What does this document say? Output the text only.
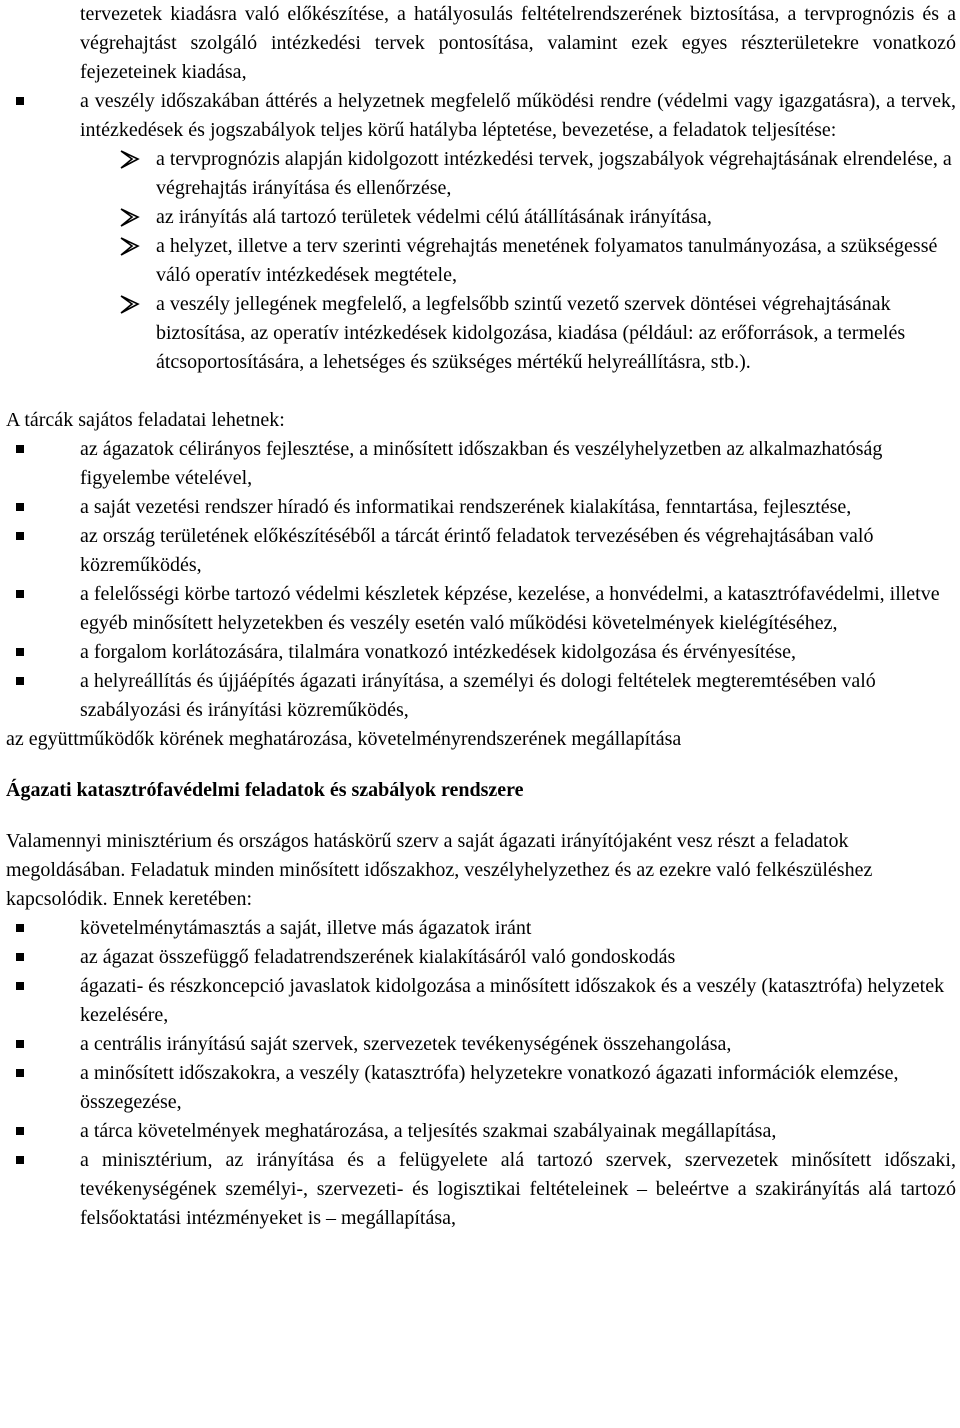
tervezetek kiadásra való előkészítése, a hatályosulás feltételrendszerének biztosítása, a tervprognózis és a végrehajtást szolgáló intézkedési tervek pontosítása, valamint ezek egyes részterületekre vonatkozó fejezeteinek kiadása,

a veszély időszakában áttérés a helyzetnek megfelelő működési rendre (védelmi vagy igazgatásra), a tervek, intézkedések és jogszabályok teljes körű hatályba léptetése, bevezetése, a feladatok teljesítése:
a tervprognózis alapján kidolgozott intézkedési tervek, jogszabályok végrehajtásának elrendelése, a végrehajtás irányítása és ellenőrzése,
az irányítás alá tartozó területek védelmi célú átállításának irányítása,
a helyzet, illetve a terv szerinti végrehajtás menetének folyamatos tanulmányozása, a szükségessé váló operatív intézkedések megtétele,
a veszély jellegének megfelelő, a legfelsőbb szintű vezető szervek döntései végrehajtásának biztosítása, az operatív intézkedések kidolgozása, kiadása (például: az erőforrások, a termelés átcsoportosítására, a lehetséges és szükséges mértékű helyreállításra, stb.).

A tárcák sajátos feladatai lehetnek:

az ágazatok célirányos fejlesztése, a minősített időszakban és veszélyhelyzetben az alkalmazhatóság figyelembe vételével,
a saját vezetési rendszer híradó és informatikai rendszerének kialakítása, fenntartása, fejlesztése,
az ország területének előkészítéséből a tárcát érintő feladatok tervezésében és végrehajtásában való közreműködés,
a felelősségi körbe tartozó védelmi készletek képzése, kezelése, a honvédelmi, a katasztrófavédelmi, illetve egyéb minősített helyzetekben és veszély esetén való működési követelmények kielégítéséhez,
a forgalom korlátozására, tilalmára vonatkozó intézkedések kidolgozása és érvényesítése,
a helyreállítás és újjáépítés ágazati irányítása, a személyi és dologi feltételek megteremtésében való szabályozási és irányítási közreműködés,

az együttműködők körének meghatározása, követelményrendszerének megállapítása

Ágazati katasztrófavédelmi feladatok és szabályok rendszere

Valamennyi minisztérium és országos hatáskörű szerv a saját ágazati irányítójaként vesz részt a feladatok megoldásában. Feladatuk minden minősített időszakhoz, veszélyhelyzethez és az ezekre való felkészüléshez kapcsolódik. Ennek keretében:

követelménytámasztás a saját, illetve más ágazatok iránt
az ágazat összefüggő feladatrendszerének kialakításáról való gondoskodás
ágazati- és részkoncepció javaslatok kidolgozása a minősített időszakok és a veszély (katasztrófa) helyzetek kezelésére,
a centrális irányítású saját szervek, szervezetek tevékenységének összehangolása,
a minősített időszakokra, a veszély (katasztrófa) helyzetekre vonatkozó ágazati információk elemzése, összegezése,
a tárca követelmények meghatározása, a teljesítés szakmai szabályainak megállapítása,
a minisztérium, az irányítása és a felügyelete alá tartozó szervek, szervezetek minősített időszaki, tevékenységének személyi-, szervezeti- és logisztikai feltételeinek – beleértve a szakirányítás alá tartozó felsőoktatási intézményeket is – megállapítása,
